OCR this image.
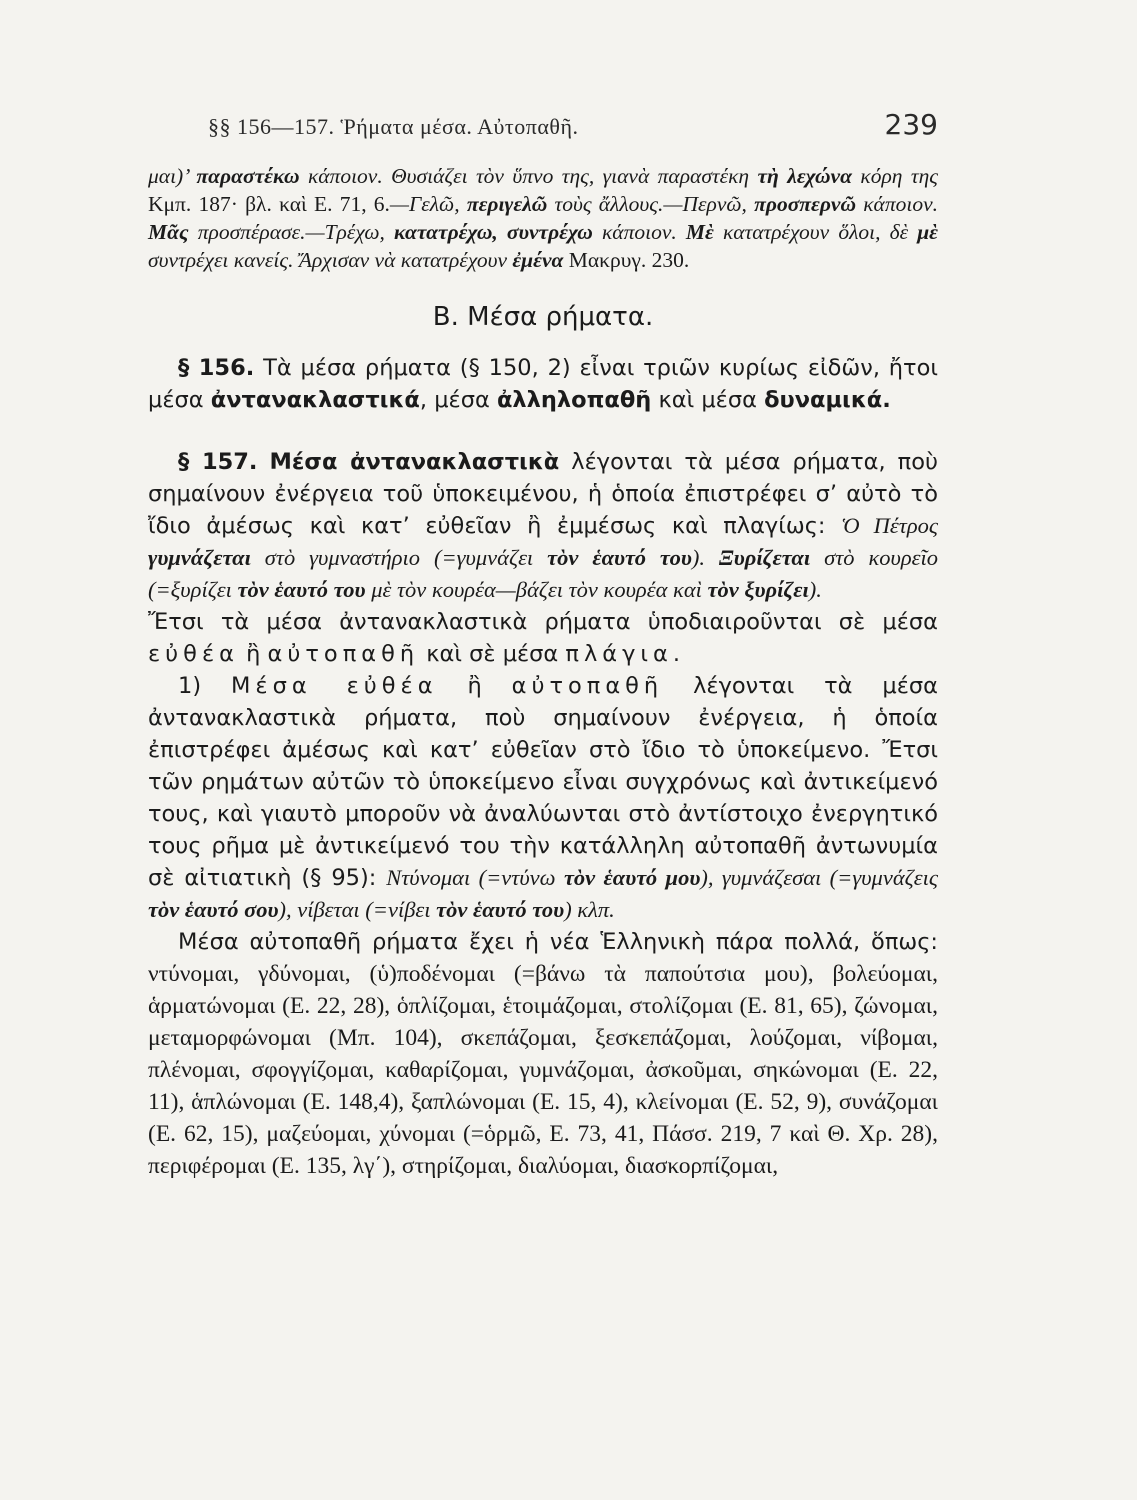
§§ 156—157. Ῥήματα μέσα. Αὐτοπαθῆ.	239
μαι)’ παραστέκω κάποιον. Θυσιάζει τὸν ὕπνο της, γιανὰ παραστέκη τὴ λεχώνα κόρη της Κμπ. 187· βλ. καὶ Ε. 71, 6.—Γελῶ, περιγελῶ τοὺς ἄλλους.—Περνῶ, προσπερνῶ κάποιον. Μᾶς προσπέρασε.—Τρέχω, κατατρέχω, συντρέχω κάποιον. Μὲ κατατρέχουν ὅλοι, δὲ μὲ συντρέχει κανείς. Ἄρχισαν νὰ κατατρέχουν ἐμένα Μακρυγ. 230.
Β. Μέσα ρήματα.

§ 156. Τὰ μέσα ρήματα (§ 150, 2) εἶναι τριῶν κυρίως εἰδῶν, ἤτοι μέσα ἀντανακλαστικά, μέσα ἀλληλοπαθῆ καὶ μέσα δυναμικά.

§ 157. Μέσα ἀντανακλαστικὰ λέγονται τὰ μέσα ρήματα, ποὺ σημαίνουν ἐνέργεια τοῦ ὑποκειμένου, ἡ ὁποία ἐπιστρέφει σ’ αὐτὸ τὸ ἴδιο ἀμέσως καὶ κατ’ εὐθεῖαν ἢ ἐμμέσως καὶ πλαγίως: Ὁ Πέτρος γυμνάζεται στὸ γυμναστήριο (=γυμνάζει τὸν ἑαυτό του). Ξυρίζεται στὸ κουρεῖο (=ξυρίζει τὸν ἑαυτό του μὲ τὸν κουρέα—βάζει τὸν κουρέα καὶ τὸν ξυρίζει).

Ἔτσι τὰ μέσα ἀντανακλαστικὰ ρήματα ὑποδιαιροῦνται σὲ μέσα εὐθέα ἢ αὐτοπαθῆ καὶ σὲ μέσα πλάγια.

1) Μέσα εὐθέα ἢ αὐτοπαθῆ λέγονται τὰ μέσα ἀντανακλαστικὰ ρήματα, ποὺ σημαίνουν ἐνέργεια, ἡ ὁποία ἐπιστρέφει ἀμέσως καὶ κατ’ εὐθεῖαν στὸ ἴδιο τὸ ὑποκείμενο. Ἔτσι τῶν ρημάτων αὐτῶν τὸ ὑποκείμενο εἶναι συγχρόνως καὶ ἀντικείμενό τους, καὶ γιαυτὸ μποροῦν νὰ ἀναλύωνται στὸ ἀντίστοιχο ἐνεργητικό τους ρῆμα μὲ ἀντικείμενό του τὴν κατάλληλη αὐτοπαθῆ ἀντωνυμία σὲ αἰτιατικὴ (§ 95): Ντύνομαι (=ντύνω τὸν ἑαυτό μου), γυμνάζεσαι (=γυμνάζεις τὸν ἑαυτό σου), νίβεται (=νίβει τὸν ἑαυτό του) κλπ.

Μέσα αὐτοπαθῆ ρήματα ἔχει ἡ νέα Ἑλληνικὴ πάρα πολλά, ὅπως: ντύνομαι, γδύνομαι, (ὑ)ποδένομαι (=βάνω τὰ παπούτσια μου), βολεύομαι, ἁρματώνομαι (Ε. 22, 28), ὁπλίζομαι, ἑτοιμάζομαι, στολίζομαι (Ε. 81, 65), ζώνομαι, μεταμορφώνομαι (Μπ. 104), σκεπάζομαι, ξεσκεπάζομαι, λούζομαι, νίβομαι, πλένομαι, σφογγίζομαι, καθαρίζομαι, γυμνάζομαι, ἀσκοῦμαι, σηκώνομαι (Ε. 22, 11), ἁπλώνομαι (Ε. 148,4), ξαπλώνομαι (Ε. 15, 4), κλείνομαι (Ε. 52, 9), συνάζομαι (Ε. 62, 15), μαζεύομαι, χύνομαι (=ὁρμῶ, Ε. 73, 41, Πάσσ. 219, 7 καὶ Θ. Χρ. 28), περιφέρομαι (Ε. 135, λγ΄), στηρίζομαι, διαλύομαι, διασκορπίζομαι,
